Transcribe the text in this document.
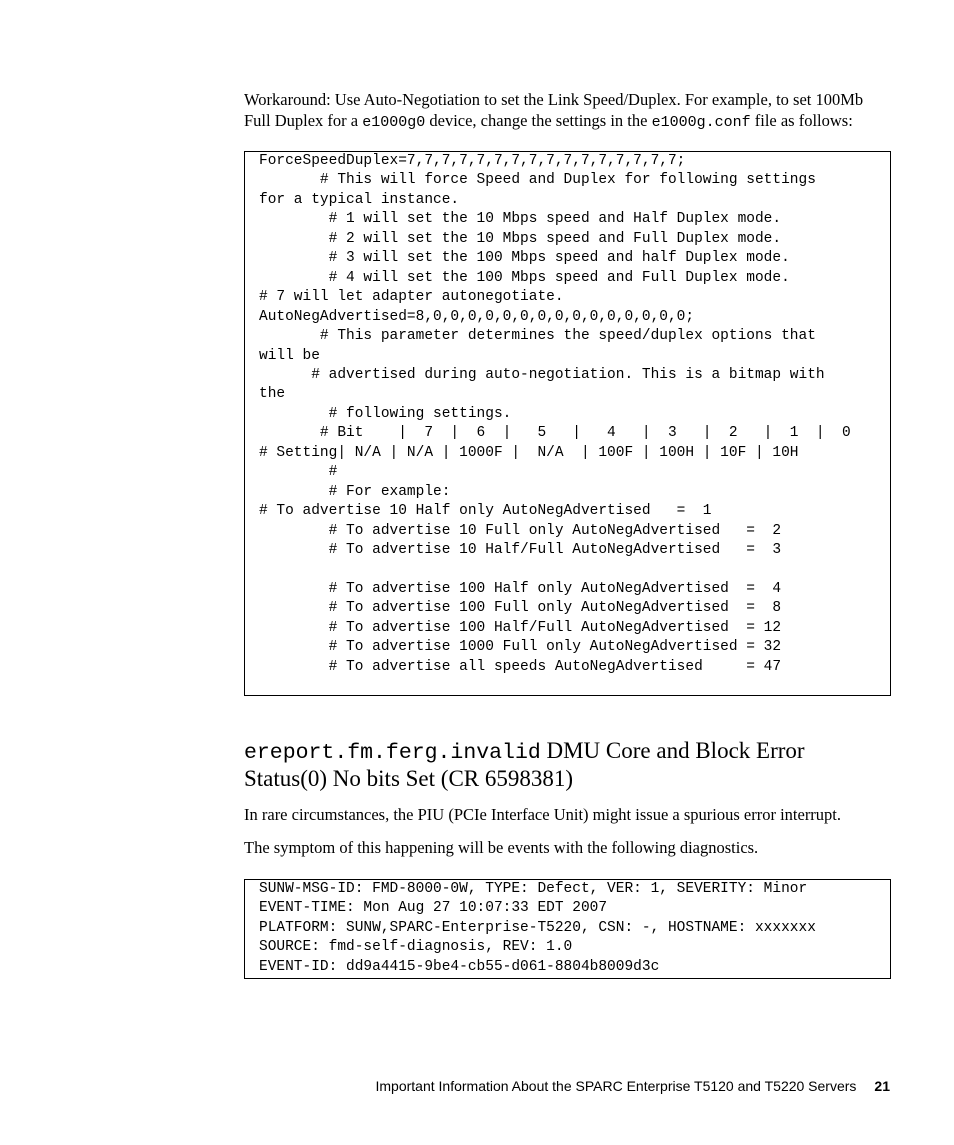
Workaround: Use Auto-Negotiation to set the Link Speed/Duplex. For example, to set 100Mb Full Duplex for a e1000g0 device, change the settings in the e1000g.conf file as follows:

ForceSpeedDuplex=7,7,7,7,7,7,7,7,7,7,7,7,7,7,7,7;
# This will force Speed and Duplex for following settings
for a typical instance.
# 1 will set the 10 Mbps speed and Half Duplex mode.
# 2 will set the 10 Mbps speed and Full Duplex mode.
# 3 will set the 100 Mbps speed and half Duplex mode.
# 4 will set the 100 Mbps speed and Full Duplex mode.
# 7 will let adapter autonegotiate.
AutoNegAdvertised=8,0,0,0,0,0,0,0,0,0,0,0,0,0,0,0;
# This parameter determines the speed/duplex options that
will be
# advertised during auto-negotiation. This is a bitmap with
the
# following settings.
# Bit    |  7  |  6  |   5   |   4   |  3   |  2   |  1  |  0
# Setting| N/A | N/A | 1000F |  N/A  | 100F | 100H | 10F | 10H
#
# For example:
# To advertise 10 Half only AutoNegAdvertised   =  1
# To advertise 10 Full only AutoNegAdvertised   =  2
# To advertise 10 Half/Full AutoNegAdvertised   =  3

# To advertise 100 Half only AutoNegAdvertised  =  4
# To advertise 100 Full only AutoNegAdvertised  =  8
# To advertise 100 Half/Full AutoNegAdvertised  = 12
# To advertise 1000 Full only AutoNegAdvertised = 32
# To advertise all speeds AutoNegAdvertised     = 47
ereport.fm.ferg.invalid DMU Core and Block Error Status(0) No bits Set (CR 6598381)

In rare circumstances, the PIU (PCIe Interface Unit) might issue a spurious error interrupt.

The symptom of this happening will be events with the following diagnostics.

SUNW-MSG-ID: FMD-8000-0W, TYPE: Defect, VER: 1, SEVERITY: Minor
EVENT-TIME: Mon Aug 27 10:07:33 EDT 2007
PLATFORM: SUNW,SPARC-Enterprise-T5220, CSN: -, HOSTNAME: xxxxxxx
SOURCE: fmd-self-diagnosis, REV: 1.0
EVENT-ID: dd9a4415-9be4-cb55-d061-8804b8009d3c
Important Information About the SPARC Enterprise T5120 and T5220 Servers 21
